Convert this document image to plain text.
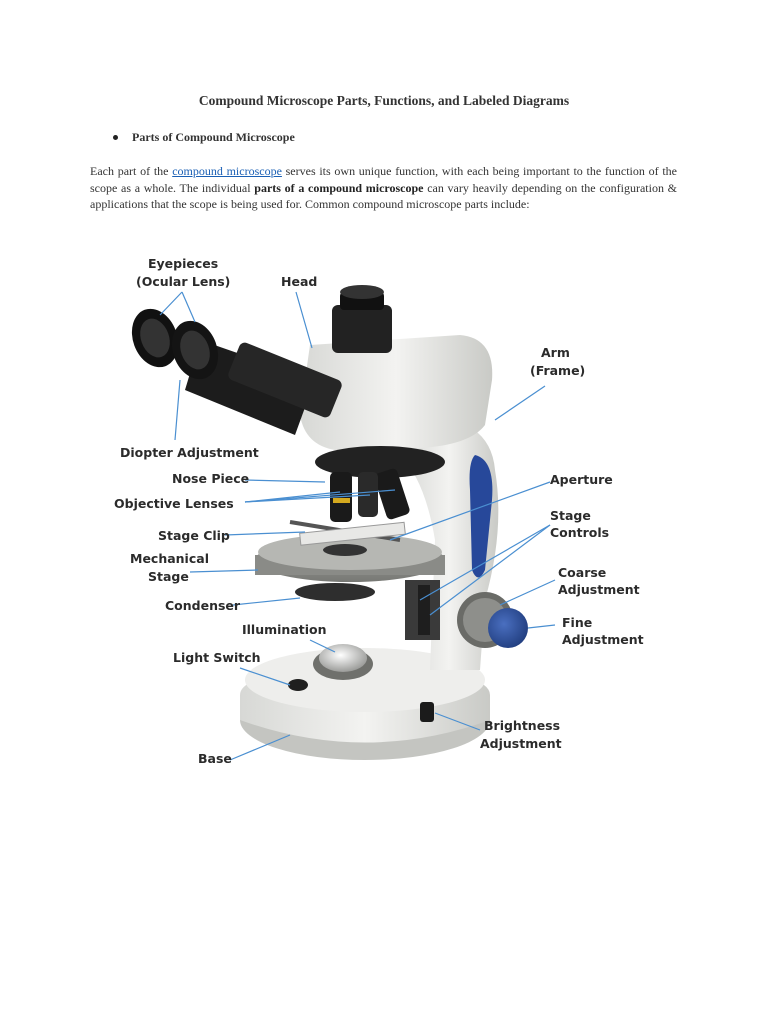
Compound Microscope Parts, Functions, and Labeled Diagrams
Parts of Compound Microscope
Each part of the compound microscope serves its own unique function, with each being important to the function of the scope as a whole. The individual parts of a compound microscope can vary heavily depending on the configuration & applications that the scope is being used for. Common compound microscope parts include:
Eyepieces
(Ocular Lens)	Head
Arm
(Frame)
Diopter Adjustment
Nose Piece
Objective Lenses
Aperture
Stage Clip
Stage
Controls
Mechanical
Stage	Coarse
Adjustment
Condenser
Fine
Adjustment
Illumination
Light Switch
Brightness
Adjustment
Base
